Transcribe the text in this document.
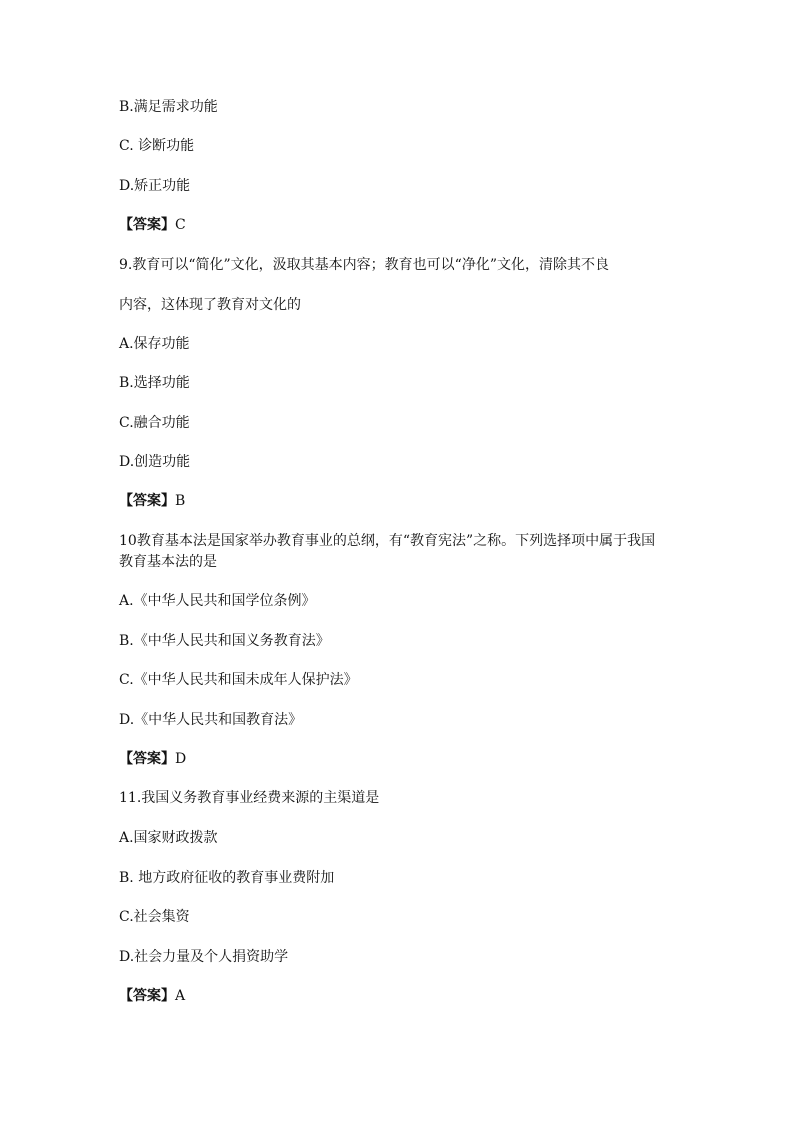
B.满足需求功能
C. 诊断功能
D.矫正功能
【答案】C
9.教育可以“简化”文化，汲取其基本内容；教育也可以“净化”文化，清除其不良
内容，这体现了教育对文化的
A.保存功能
B.选择功能
C.融合功能
D.创造功能
【答案】B
10教育基本法是国家举办教育事业的总纲，有“教育宪法”之称。下列选择项中属于我国
教育基本法的是
A.《中华人民共和国学位条例》
B.《中华人民共和国义务教育法》
C.《中华人民共和国未成年人保护法》
D.《中华人民共和国教育法》
【答案】D
11.我国义务教育事业经费来源的主渠道是
A.国家财政拨款
B. 地方政府征收的教育事业费附加
C.社会集资
D.社会力量及个人捐资助学
【答案】A
